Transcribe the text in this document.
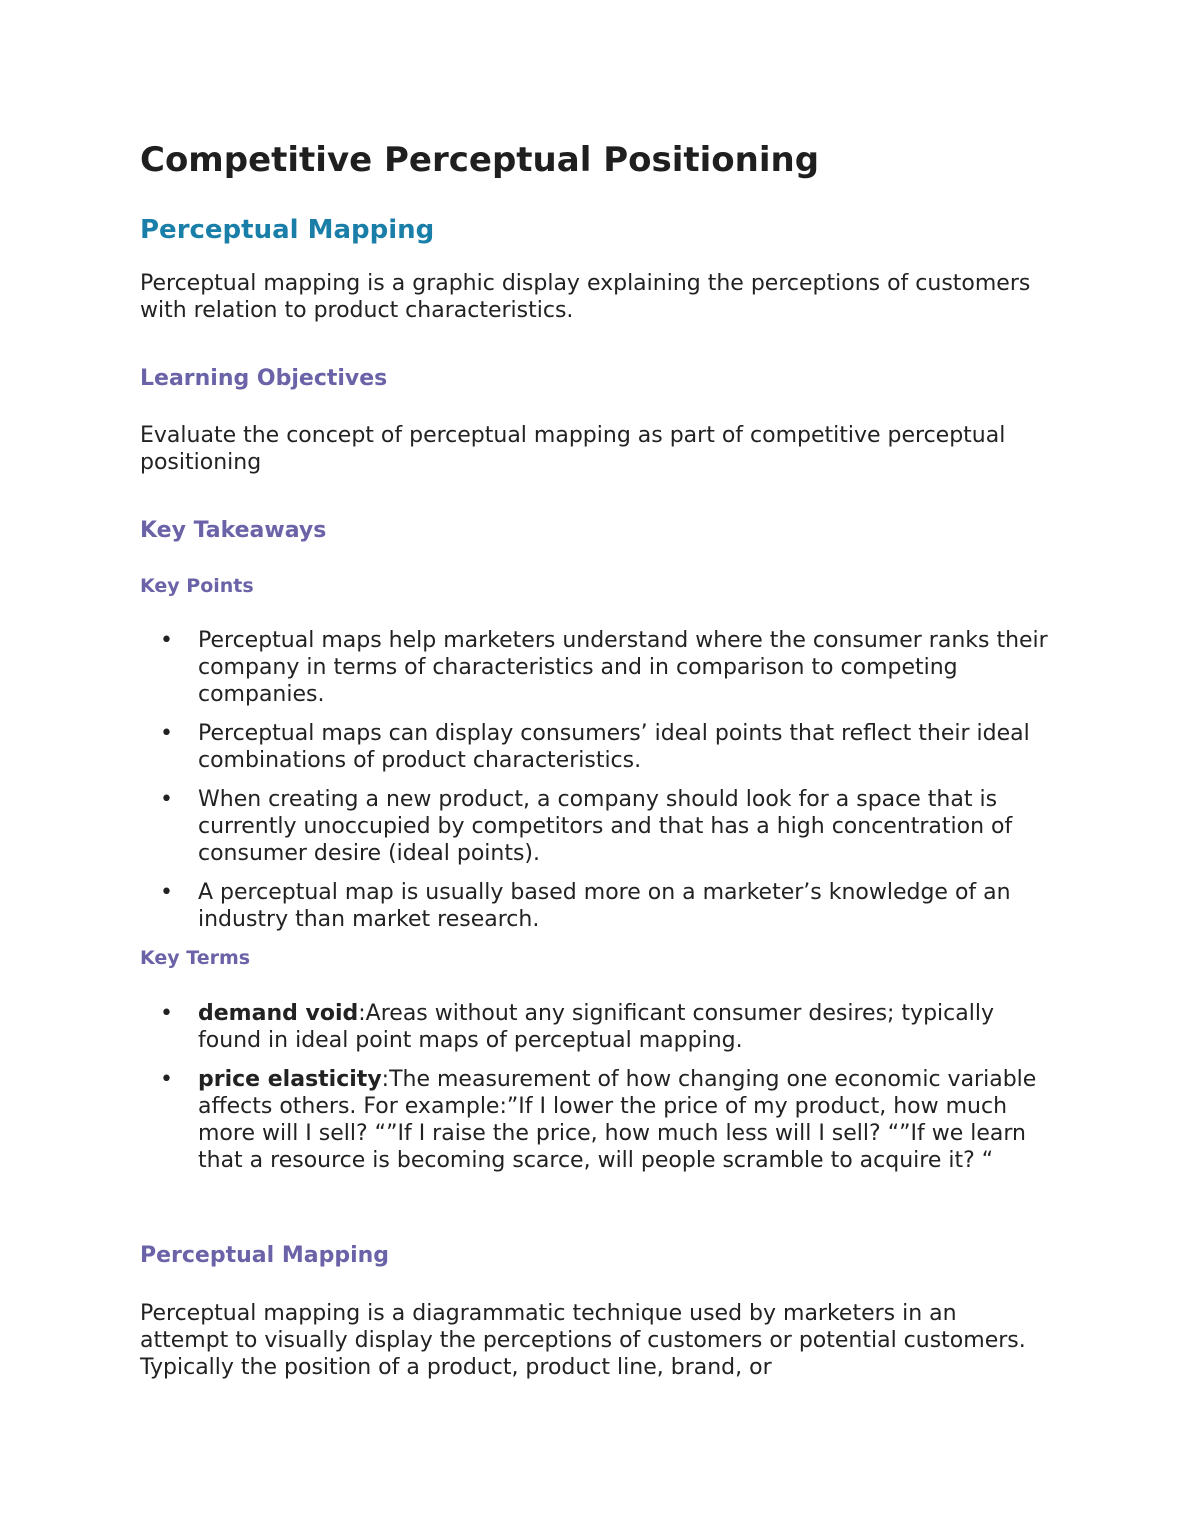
Competitive Perceptual Positioning
Perceptual Mapping

Perceptual mapping is a graphic display explaining the perceptions of customers with relation to product characteristics.

Learning Objectives

Evaluate the concept of perceptual mapping as part of competitive perceptual positioning

Key Takeaways
Key Points
• Perceptual maps help marketers understand where the consumer ranks their company in terms of characteristics and in comparison to competing companies.
• Perceptual maps can display consumers’ ideal points that reflect their ideal combinations of product characteristics.
• When creating a new product, a company should look for a space that is currently unoccupied by competitors and that has a high concentration of consumer desire (ideal points).
• A perceptual map is usually based more on a marketer’s knowledge of an industry than market research.
Key Terms
• demand void:Areas without any significant consumer desires; typically found in ideal point maps of perceptual mapping.
• price elasticity:The measurement of how changing one economic variable affects others. For example:”If I lower the price of my product, how much more will I sell? “”If I raise the price, how much less will I sell? “”If we learn that a resource is becoming scarce, will people scramble to acquire it? “
Perceptual Mapping

Perceptual mapping is a diagrammatic technique used by marketers in an attempt to visually display the perceptions of customers or potential customers. Typically the position of a product, product line, brand, or
